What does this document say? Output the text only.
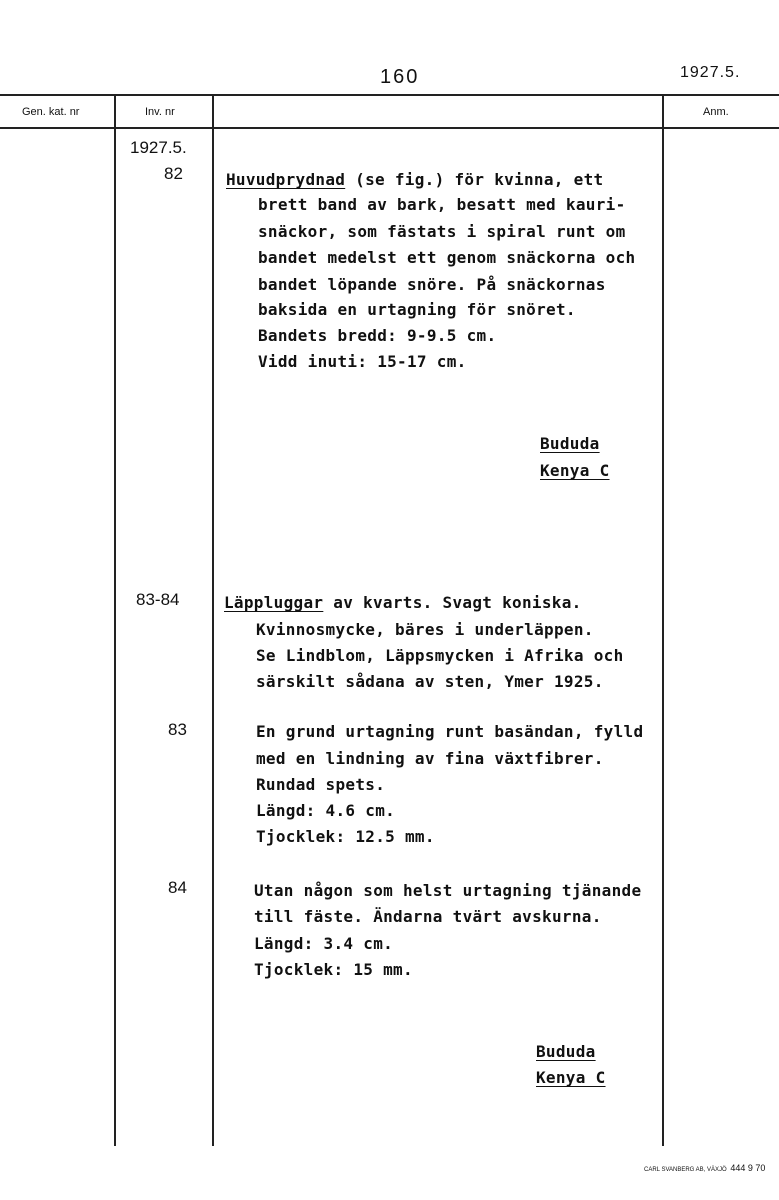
160	1927.5.
Gen. kat. nr	Inv. nr	Anm.
1927.5.
82	Huvudprydnad (se fig.) för kvinna, ett
brett band av bark, besatt med kauri-
snäckor, som fästats i spiral runt om
bandet medelst ett genom snäckorna och
bandet löpande snöre. På snäckornas
baksida en urtagning för snöret.
Bandets bredd: 9-9.5 cm.
Vidd inuti: 15-17 cm.
Bududa
Kenya C
83-84	Läppluggar av kvarts. Svagt koniska.
Kvinnosmycke, bäres i underläppen.
Se Lindblom, Läppsmycken i Afrika och
särskilt sådana av sten, Ymer 1925.
83	En grund urtagning runt basändan, fylld
med en lindning av fina växtfibrer.
Rundad spets.
Längd: 4.6 cm.
Tjocklek: 12.5 mm.
84	Utan någon som helst urtagning tjänande
till fäste. Ändarna tvärt avskurna.
Längd: 3.4 cm.
Tjocklek: 15 mm.
Bududa
Kenya C
CARL SVANBERG AB, VÄXJÖ 444 9 70
